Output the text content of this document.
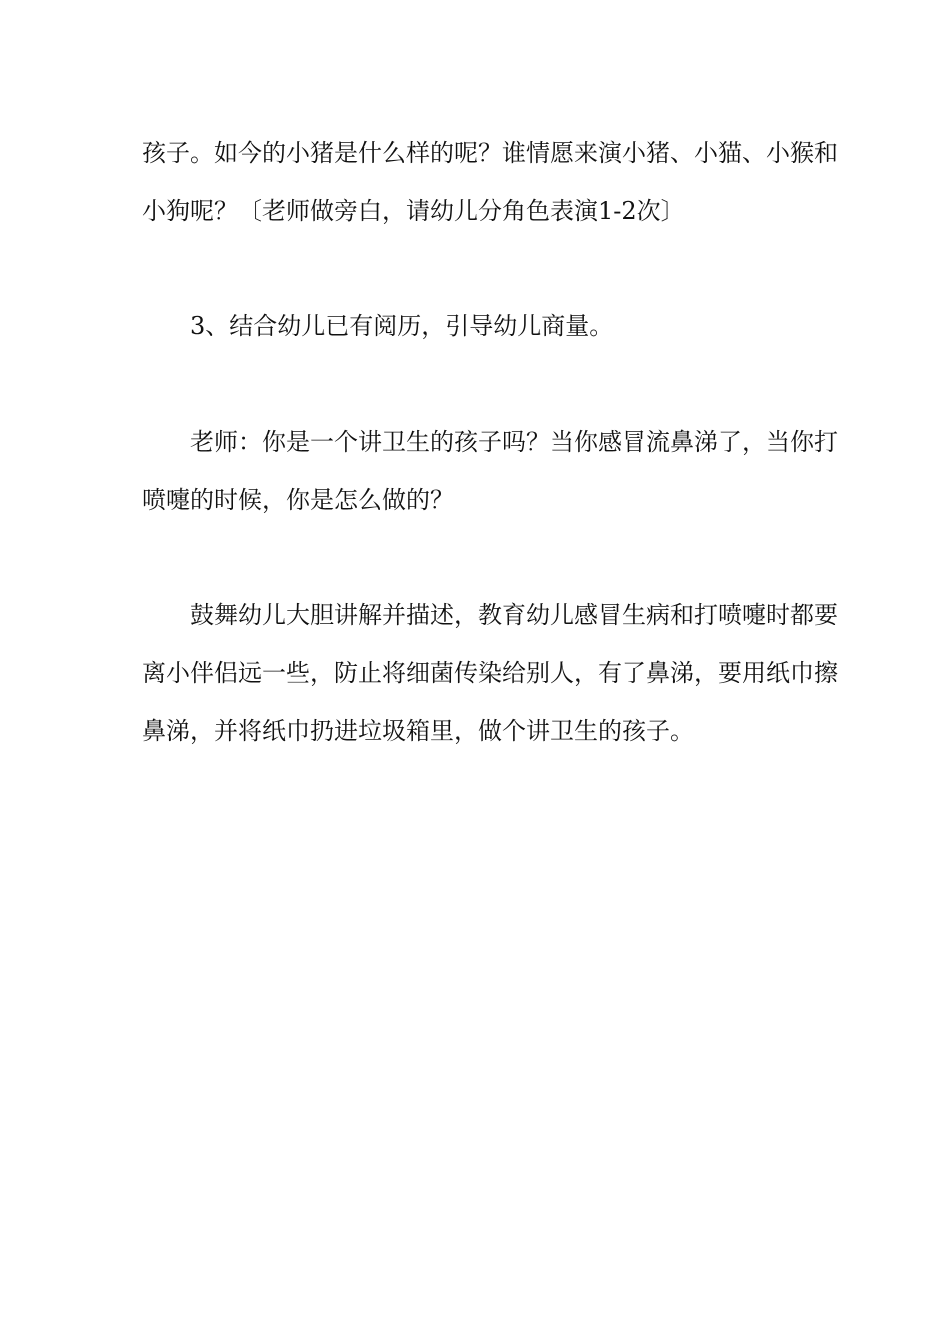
孩子。如今的小猪是什么样的呢？谁情愿来演小猪、小猫、小猴和
小狗呢？〔老师做旁白，请幼儿分角色表演1-2次〕
3、结合幼儿已有阅历，引导幼儿商量。
老师：你是一个讲卫生的孩子吗？当你感冒流鼻涕了，当你打
喷嚏的时候，你是怎么做的？
鼓舞幼儿大胆讲解并描述，教育幼儿感冒生病和打喷嚏时都要
离小伴侣远一些，防止将细菌传染给别人，有了鼻涕，要用纸巾擦
鼻涕，并将纸巾扔进垃圾箱里，做个讲卫生的孩子。
